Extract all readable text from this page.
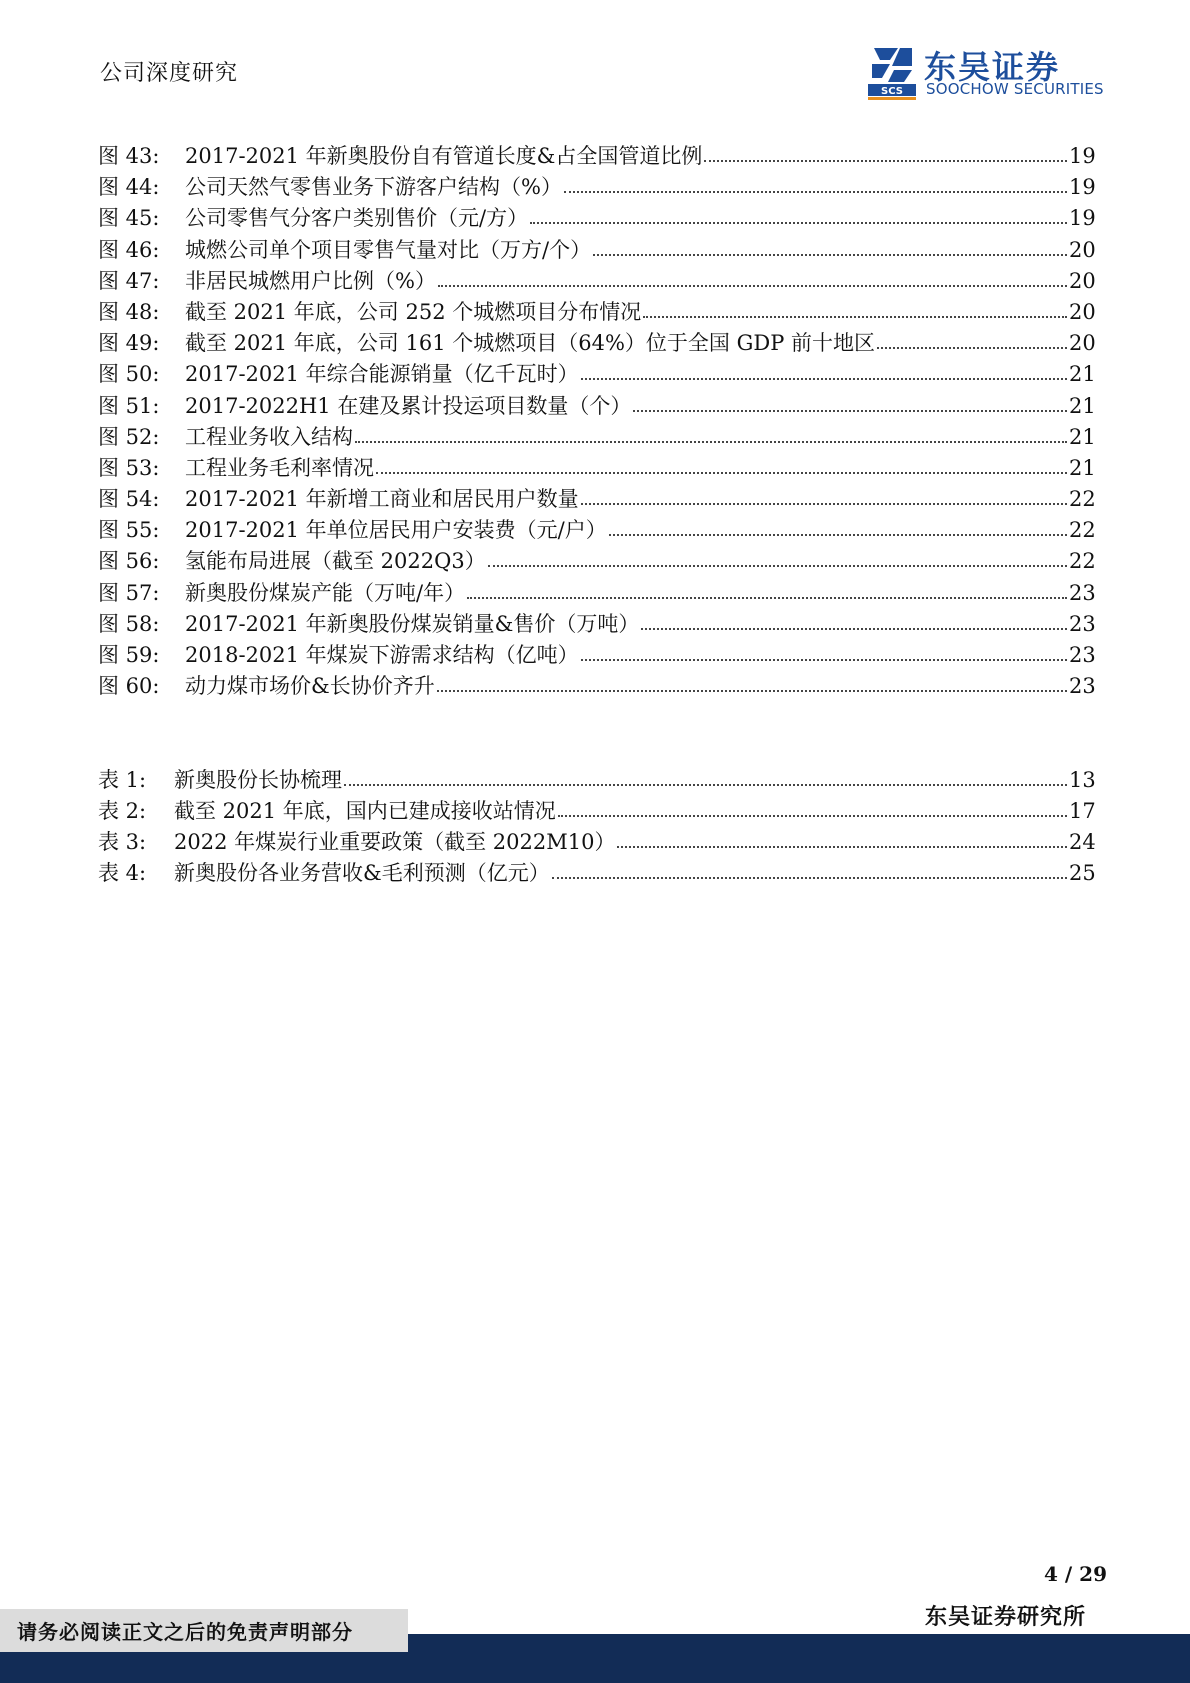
公司深度研究
SCS
东吴证券
SOOCHOW SECURITIES
图 43:	2017-2021 年新奥股份自有管道长度&占全国管道比例	19
图 44:	公司天然气零售业务下游客户结构（%）	19
图 45:	公司零售气分客户类别售价（元/方）	19
图 46:	城燃公司单个项目零售气量对比（万方/个）	20
图 47:	非居民城燃用户比例（%）	20
图 48:	截至 2021 年底，公司 252 个城燃项目分布情况	20
图 49:	截至 2021 年底，公司 161 个城燃项目（64%）位于全国 GDP 前十地区	20
图 50:	2017-2021 年综合能源销量（亿千瓦时）	21
图 51:	2017-2022H1 在建及累计投运项目数量（个）	21
图 52:	工程业务收入结构	21
图 53:	工程业务毛利率情况	21
图 54:	2017-2021 年新增工商业和居民用户数量	22
图 55:	2017-2021 年单位居民用户安装费（元/户）	22
图 56:	氢能布局进展（截至 2022Q3）	22
图 57:	新奥股份煤炭产能（万吨/年）	23
图 58:	2017-2021 年新奥股份煤炭销量&售价（万吨）	23
图 59:	2018-2021 年煤炭下游需求结构（亿吨）	23
图 60:	动力煤市场价&长协价齐升	23
表 1:	新奥股份长协梳理	13
表 2:	截至 2021 年底，国内已建成接收站情况	17
表 3:	2022 年煤炭行业重要政策（截至 2022M10）	24
表 4:	新奥股份各业务营收&毛利预测（亿元）	25
4 / 29
东吴证券研究所
请务必阅读正文之后的免责声明部分
